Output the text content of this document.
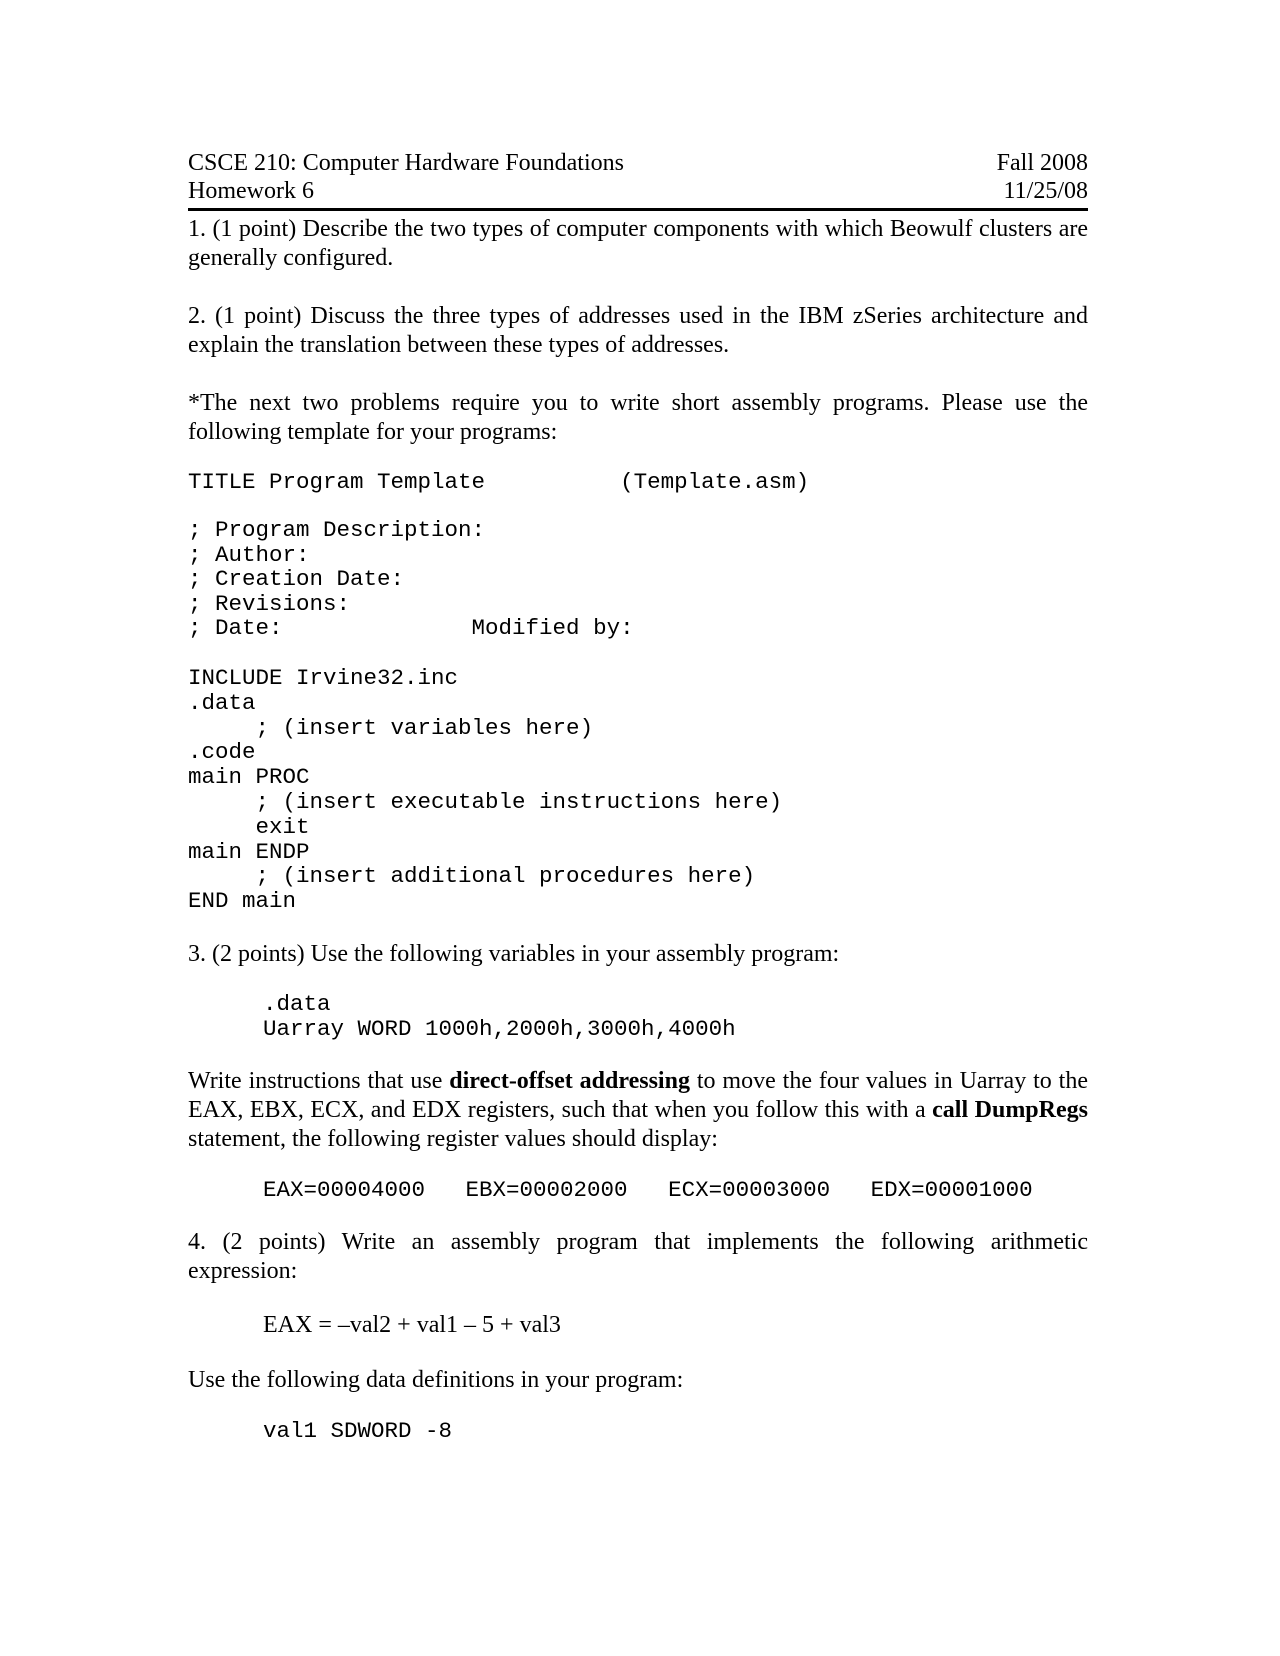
CSCE 210: Computer Hardware Foundations	Fall 2008
Homework 6	11/25/08

1. (1 point) Describe the two types of computer components with which Beowulf clusters are generally configured.

2. (1 point) Discuss the three types of addresses used in the IBM zSeries architecture and explain the translation between these types of addresses.

*The next two problems require you to write short assembly programs. Please use the following template for your programs:

TITLE Program Template          (Template.asm)
; Program Description:
; Author:
; Creation Date:
; Revisions:
; Date:              Modified by:
INCLUDE Irvine32.inc
.data
; (insert variables here)
.code
main PROC
; (insert executable instructions here)
exit
main ENDP
; (insert additional procedures here)
END main

3. (2 points) Use the following variables in your assembly program:

.data
Uarray WORD 1000h,2000h,3000h,4000h

Write instructions that use direct-offset addressing to move the four values in Uarray to the EAX, EBX, ECX, and EDX registers, such that when you follow this with a call DumpRegs statement, the following register values should display:

EAX=00004000   EBX=00002000   ECX=00003000   EDX=00001000

4. (2 points) Write an assembly program that implements the following arithmetic expression:

EAX = –val2 + val1 – 5 + val3

Use the following data definitions in your program:

val1 SDWORD -8
